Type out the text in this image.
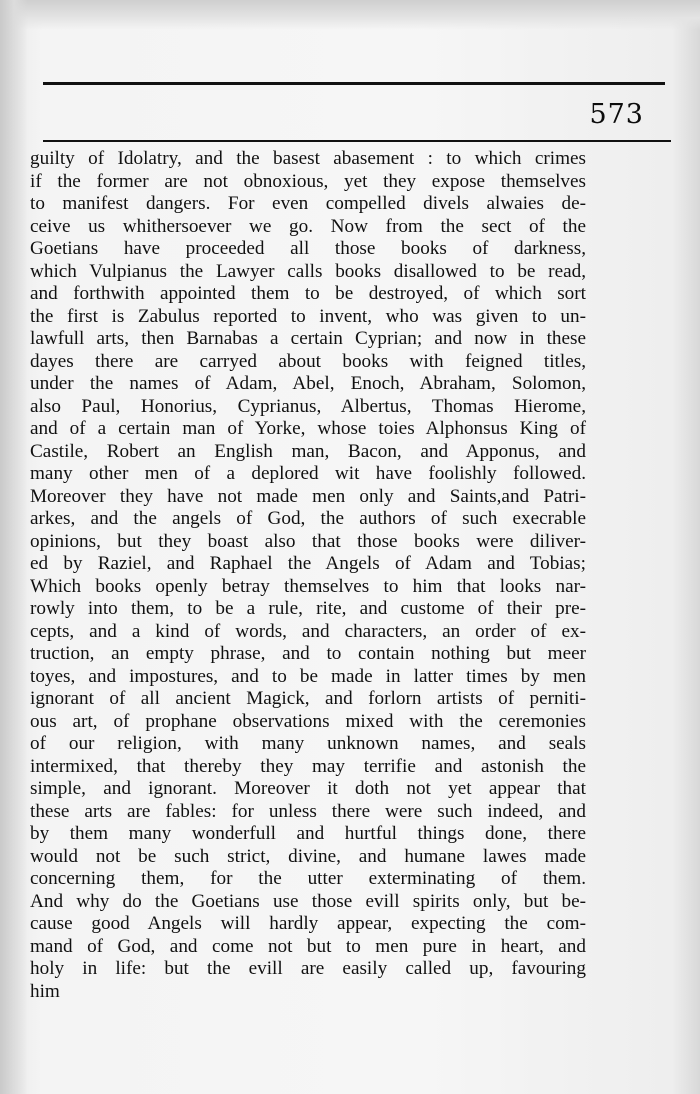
573
guilty of Idolatry, and the basest abasement : to which crimes
if the former are not obnoxious, yet they expose themselves
to manifest dangers. For even compelled divels alwaies de-
ceive us whithersoever we go. Now from the sect of the
Goetians have proceeded all those books of darkness,
which Vulpianus the Lawyer calls books disallowed to be read,
and forthwith appointed them to be destroyed, of which sort
the first is Zabulus reported to invent, who was given to un-
lawfull arts, then Barnabas a certain Cyprian; and now in these
dayes there are carryed about books with feigned titles,
under the names of Adam, Abel, Enoch, Abraham, Solomon,
also Paul, Honorius, Cyprianus, Albertus, Thomas Hierome,
and of a certain man of Yorke, whose toies Alphonsus King of
Castile, Robert an English man, Bacon, and Apponus, and
many other men of a deplored wit have foolishly followed.
Moreover they have not made men only and Saints,and Patri-
arkes, and the angels of God, the authors of such execrable
opinions, but they boast also that those books were diliver-
ed by Raziel, and Raphael the Angels of Adam and Tobias;
Which books openly betray themselves to him that looks nar-
rowly into them, to be a rule, rite, and custome of their pre-
cepts, and a kind of words, and characters, an order of ex-
truction, an empty phrase, and to contain nothing but meer
toyes, and impostures, and to be made in latter times by men
ignorant of all ancient Magick, and forlorn artists of perniti-
ous art, of prophane observations mixed with the ceremonies
of our religion, with many unknown names, and seals
intermixed, that thereby they may terrifie and astonish the
simple, and ignorant. Moreover it doth not yet appear that
these arts are fables: for unless there were such indeed, and
by them many wonderfull and hurtful things done, there
would not be such strict, divine, and humane lawes made
concerning them, for the utter exterminating of them.
And why do the Goetians use those evill spirits only, but be-
cause good Angels will hardly appear, expecting the com-
mand of God, and come not but to men pure in heart, and
holy in life: but the evill are easily called up, favouring
him
